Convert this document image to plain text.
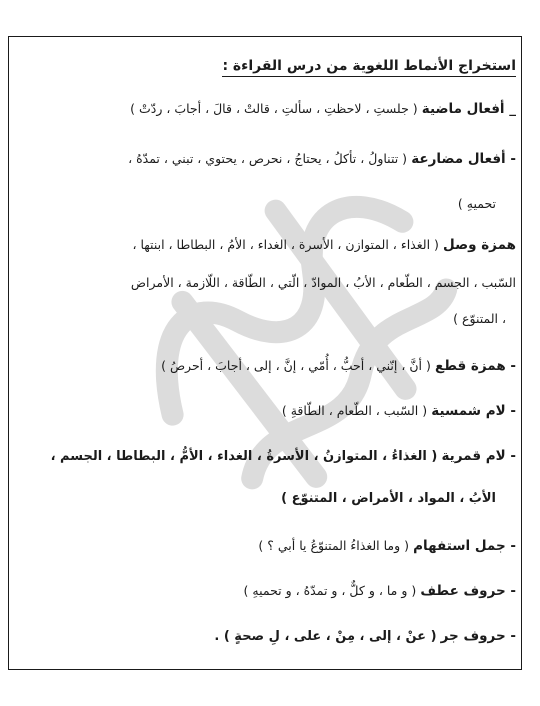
استخراج الأنماط اللغوية من درس القراءة :
_ أفعال ماضية ( جلستِ ، لاحظتِ ، سألتِ ، قالتْ ، قالَ ، أجابَ ، ردّتْ )
- أفعال مضارعة ( تتناولُ ، تأكلُ ، يحتاجُ ، نحرص ، يحتوي ، تبني ، تمدّهُ ،
تحميهِ )
همزة وصل ( الغذاء ، المتوازن ، الأسرة ، الغداء ، الأمُ ، البطاطا ، ابنتها ،
السّبب ، الجسم ، الطّعام ، الأبُ ، الموادّ ، الّتي ، الطّاقة ، اللّازمة ، الأمراض
، المتنوّع )
- همزة قطع ( أنَّ ، إنّني ، أحبُّ ، أُمّي ، إنَّ ، إلى ، أجابَ ، أحرصُ )
- لام شمسية ( السّبب ، الطّعام ، الطّاقةِ )
- لام قمرية ( الغذاءُ ، المتوازنُ ، الأسرةُ ، الغداء ، الأمُّ ، البطاطا ، الجسم ،
الأبُ ، المواد ، الأمراض ، المتنوّع )
- جمل استفهام ( وما الغذاءُ المتنوّعُ يا أبي ؟ )
- حروف عطف ( و ما ، و كلٌّ ، و تمدّهُ ، و تحميهِ )
- حروف جر ( عنْ ، إلى ، مِنْ ، على ، لِ صحةٍ ) .
